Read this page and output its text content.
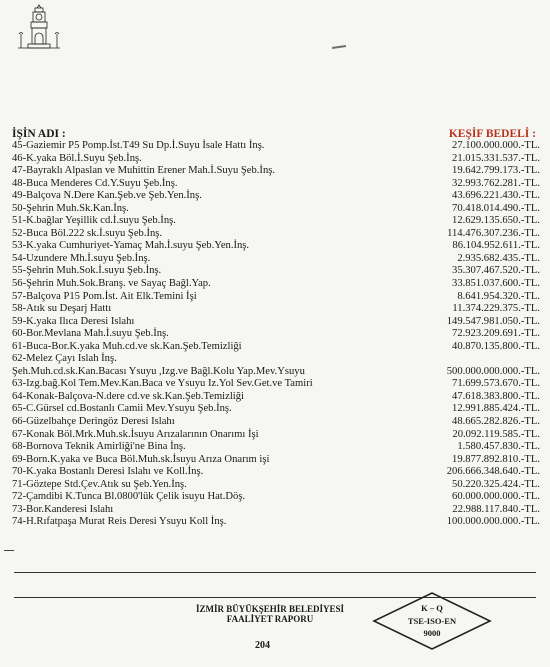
İŞİN ADI :	KEŞİF BEDELİ :
45-Gaziemir P5 Pomp.İst.T49 Su Dp.İ.Suyu İsale Hattı İnş.	27.100.000.000.-TL.
46-K.yaka Böl.İ.Suyu Şeb.İnş.	21.015.331.537.-TL.
47-Bayraklı Alpaslan ve Muhittin Erener Mah.İ.Suyu Şeb.İnş.	19.642.799.173.-TL.
48-Buca Menderes Cd.Y.Suyu Şeb.İnş.	32.993.762.281.-TL.
49-Balçova N.Dere Kan.Şeb.ve Şeb.Yen.İnş.	43.696.221.430.-TL.
50-Şehrin Muh.Sk.Kan.İnş.	70.418.014.490.-TL.
51-K.bağlar Yeşillik cd.İ.suyu Şeb.İnş.	12.629.135.650.-TL.
52-Buca Böl.222 sk.İ.suyu Şeb.İnş.	114.476.307.236.-TL.
53-K.yaka Cumhuriyet-Yamaç Mah.İ.suyu Şeb.Yen.İnş.	86.104.952.611.-TL.
54-Uzundere Mh.İ.suyu Şeb.İnş.	2.935.682.435.-TL.
55-Şehrin Muh.Sok.İ.suyu Şeb.İnş.	35.307.467.520.-TL.
56-Şehrin Muh.Sok.Branş. ve Sayaç Bağl.Yap.	33.851.037.600.-TL.
57-Balçova P15 Pom.İst. Ait Elk.Temini İşi	8.641.954.320.-TL.
58-Atık su Deşarj Hattı	11.374.229.375.-TL.
59-K.yaka Ilıca Deresi Islahı	149.547.981.050.-TL.
60-Bor.Mevlana Mah.İ.suyu Şeb.İnş.	72.923.209.691.-TL.
61-Buca-Bor.K.yaka Muh.cd.ve sk.Kan.Şeb.Temizliği	40.870.135.800.-TL.
62-Melez Çayı Islah İnş.
Şeh.Muh.cd.sk.Kan.Bacası Ysuyu ,Izg.ve Bağl.Kolu Yap.Mev.Ysuyu	500.000.000.000.-TL.
63-Izg.bağ.Kol Tem.Mev.Kan.Baca ve Ysuyu Iz.Yol Sev.Get.ve Tamiri	71.699.573.670.-TL.
64-Konak-Balçova-N.dere cd.ve sk.Kan.Şeb.Temizliği	47.618.383.800.-TL.
65-C.Gürsel cd.Bostanlı Camii Mev.Ysuyu Şeb.İnş.	12.991.885.424.-TL.
66-Güzelbahçe Deringöz Deresi Islahı	48.665.282.826.-TL.
67-Konak Böl.Mrk.Muh.sk.İsuyu Arızalarının Onarımı İşi	20.092.119.585.-TL.
68-Bornova Teknik Amirliği'ne Bina İnş.	1.580.457.830.-TL.
69-Born.K.yaka ve Buca Böl.Muh.sk.İsuyu Arıza Onarım işi	19.877.892.810.-TL.
70-K.yaka Bostanlı Deresi Islahı ve Koll.İnş.	206.666.348.640.-TL.
71-Göztepe Std.Çev.Atık su Şeb.Yen.İnş.	50.220.325.424.-TL.
72-Çamdibi K.Tunca Bl.0800'lük Çelik isuyu Hat.Döş.	60.000.000.000.-TL.
73-Bor.Kanderesi Islahı	22.988.117.840.-TL.
74-H.Rıfatpaşa Murat Reis Deresi Ysuyu Koll İnş.	100.000.000.000.-TL.
İZMİR BÜYÜKŞEHİR BELEDİYESİ
FAALİYET RAPORU
204
K – Q
TSE-ISO-EN
9000
